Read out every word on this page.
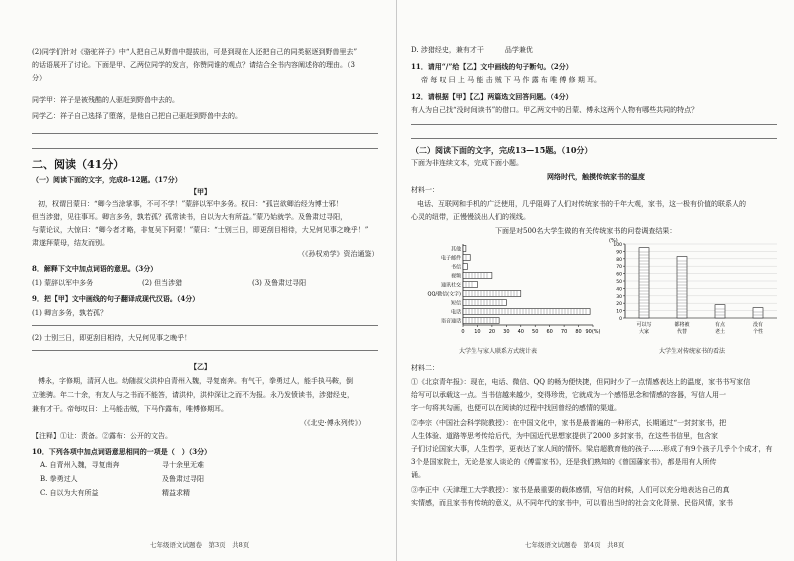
(2)同学们针对《骆驼祥子》中“人把自己从野兽中提拔出，可是到现在人还把自己的同类驱逐到野兽里去”
的话语展开了讨论。下面是甲、乙两位同学的发言，你赞同谁的观点？请结合全书内容阐述你的理由。（3
分）
同学甲：祥子是被残酷的人驱赶到野兽中去的。
同学乙：祥子自己选择了堕落，是他自己把自己驱赶到野兽中去的。
二、阅读（41分）
（一）阅读下面的文字，完成8-12题。（17分）
【甲】
初，权谓吕蒙曰：“卿今当涂掌事，不可不学！”蒙辞以军中多务。权曰：“孤岂欲卿治经为博士邪！
但当涉猎，见往事耳。卿言多务，孰若孤？孤常读书，自以为大有所益。”蒙乃始就学。及鲁肃过寻阳，
与蒙论议，大惊曰：“卿今者才略，非复吴下阿蒙！”蒙曰：“士别三日，即更刮目相待，大兄何见事之晚乎！”
肃遂拜蒙母，结友而别。
（《孙权劝学》资治通鉴）
8．解释下文中加点词语的意思。（3分）
(1) 蒙辞以军中多务	(2) 但当涉猎	(3) 及鲁肃过寻阳
9．把【甲】文中画线的句子翻译成现代汉语。（4分）
(1) 卿言多务，孰若孤？
(2) 士别三日，即更刮目相待，大兄何见事之晚乎！
【乙】
傅永，字修期，清河人也。幼随叔父洪仲自青州入魏，寻复南奔。有气干，拳勇过人，能手执马鞍，倒
立驰骋。年二十余，有友人与之书而不能答，请洪仲，洪仲深让之而不为报。永乃发愤读书，涉猎经史，
兼有才干。帝每叹曰：上马能击贼，下马作露布，唯傅修期耳。
（《北史·傅永列传》）
【注释】①让：责备。②露布：公开的文告。
10．下列各项中加点词语意思相同的一项是（　）（3分）
A. 自青州入魏，寻复南奔	寻十余里无难
B. 拳勇过人	及鲁肃过寻阳
C. 自以为大有所益	精益求精
七年级语文试题卷　第3页　共8页
D. 涉猎经史，兼有才干　　　品学兼优
11．请用“/”给【乙】文中画线的句子断句。（2分）
帝 每 叹 曰 上 马 能 击 贼 下 马 作 露 布 唯 傅 修 期 耳。
12．请根据【甲】【乙】两篇选文回答问题。（4分）
有人为自己找“没时间读书”的借口。甲乙两文中的吕蒙、傅永这两个人物有哪些共同的特点？
（二）阅读下面的文字，完成13—15题。（10分）
下面为非连续文本，完成下面小题。
网络时代，触摸传统家书的温度
材料一：
电话、互联网和手机的广泛使用，几乎阻碍了人们对传统家书的千年大观，家书，这一极有价值的联系人的
心灵的纽带，正慢慢淡出人们的视线。
下面是对500名大学生做的有关传统家书的问卷调查结果：
0 10 20 30 40 50 60 70 80 90(%)
其他
电子邮件
书信
视频
通讯社交
QQ/微信(文字)
短信
电话
语音通话
(%)
100
90
80
70
60
50
40
30
20
10
0
可以写
大家
都将被
代替
有点
老土
没有
个性
大学生与家人联系方式统计表	大学生对传统家书的看法
材料二：
①《北京青年报》：现在，电话、微信、QQ 的畅为便快捷，但同时少了一点情感表达上的温度，家书书写家信
给写可以承载这一点。当书信越来越少，变得珍贵，它就成为一个感悟思念和情感的容器，写信人用一
字一句将其勾画，也便可以在阅读的过程中找回曾经的感情的渠道。
②李宗（中国社会科学院教授）：在中国文化中，家书是最普遍的一种形式，长期通过“一封封家书，把
人生体验、道路等思考传给后代，为中国近代思想家提供了2000 多封家书，在这些书信里，包含家
子们讨论国家大事，人生哲学，更表达了家人间的情怀。梁启超教育他的孩子……形成了有9个孩子几乎个个成才，有
3个是国家院士，无论是家人谈论的《傅雷家书》，还是我们熟知的《曾国藩家书》，都是用有人所传
诵。
③李正中（天津理工大学教授）：家书是最重要的载体感情，写信的时候，人们可以充分地表达自己的真
实情感，而且家书有传统的意义，从不同年代的家书中，可以看出当时的社会文化背景、民俗风情，家书
七年级语文试题卷　第4页　共8页
